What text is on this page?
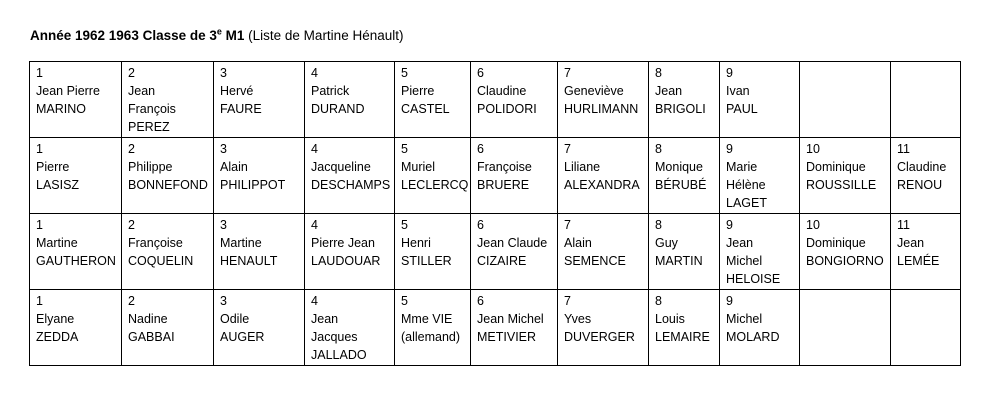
Année 1962 1963 Classe de 3e M1 (Liste de Martine Hénault)
1
Jean Pierre
MARINO	2
Jean
François
PEREZ	3
Hervé
FAURE	4
Patrick
DURAND	5
Pierre
CASTEL	6
Claudine
POLIDORI	7
Geneviève
HURLIMANN	8
Jean
BRIGOLI	9
Ivan
PAUL		

1
Pierre
LASISZ	2
Philippe
BONNEFOND	3
Alain
PHILIPPOT	4
Jacqueline
DESCHAMPS	5
Muriel
LECLERCQ	6
Françoise
BRUERE	7
Liliane
ALEXANDRA	8
Monique
BÉRUBÉ	9
Marie
Hélène
LAGET	10
Dominique
ROUSSILLE	11
Claudine
RENOU

1
Martine
GAUTHERON	2
Françoise
COQUELIN	3
Martine
HENAULT	4
Pierre Jean
LAUDOUAR	5
Henri
STILLER	6
Jean Claude
CIZAIRE	7
Alain
SEMENCE	8
Guy
MARTIN	9
Jean
Michel
HELOISE	10
Dominique
BONGIORNO	11
Jean
LEMÉE

1
Elyane
ZEDDA	2
Nadine
GABBAI	3
Odile
AUGER	4
Jean
Jacques
JALLADO	5
Mme VIE
(allemand)	6
Jean Michel
METIVIER	7
Yves
DUVERGER	8
Louis
LEMAIRE	9
Michel
MOLARD		
